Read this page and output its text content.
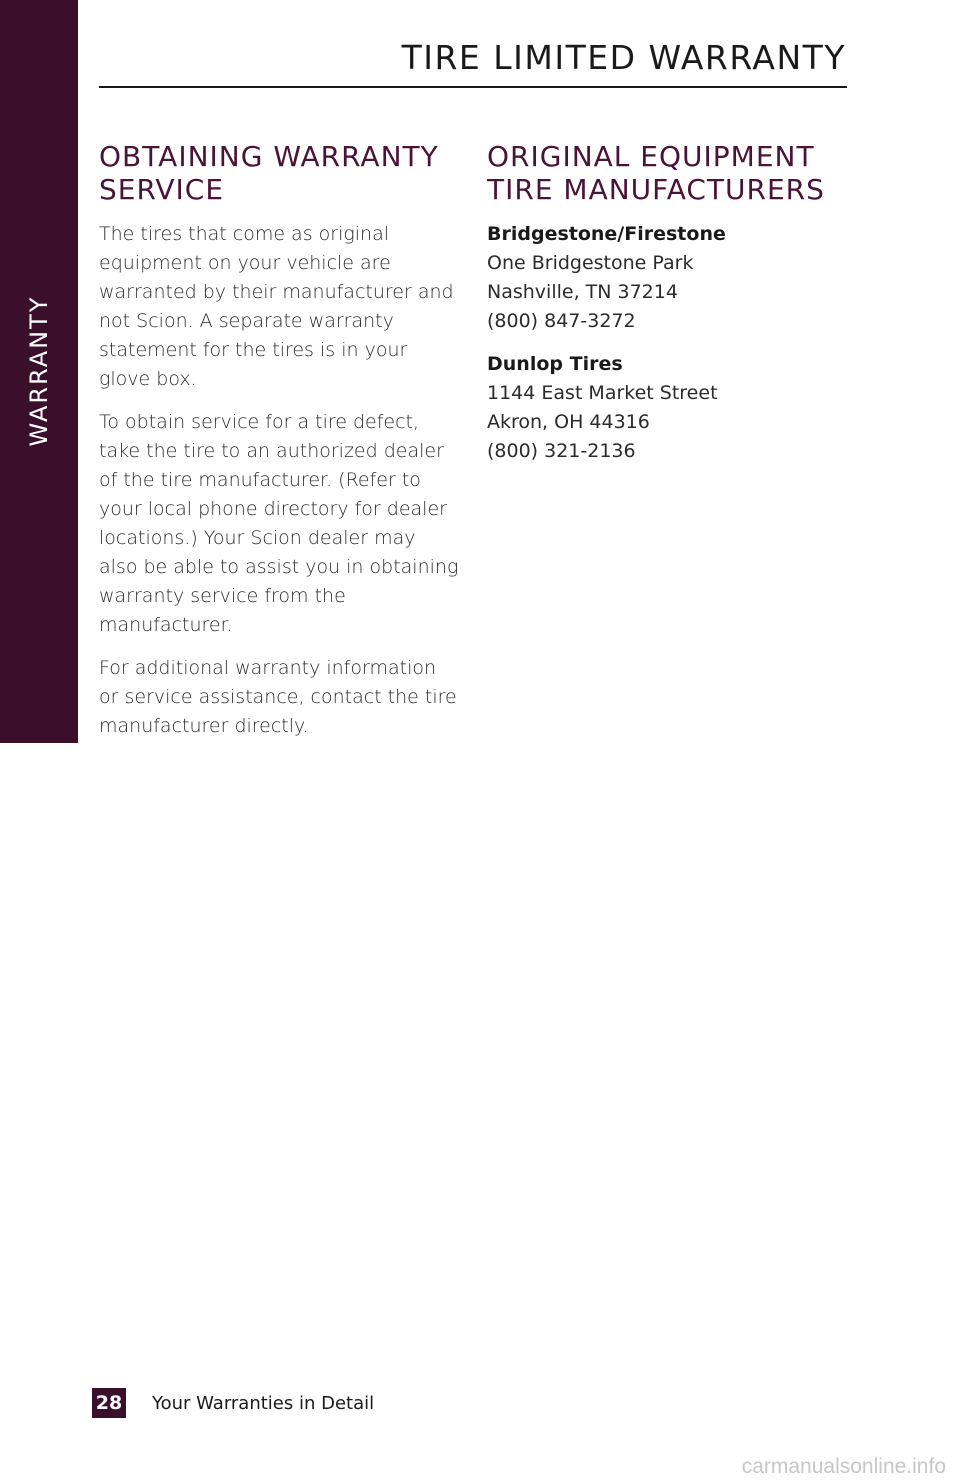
WARRANTY
TIRE LIMITED WARRANTY
OBTAINING WARRANTY
SERVICE

The tires that come as original equipment on your vehicle are warranted by their manufacturer and not Scion. A separate warranty statement for the tires is in your glove box.

To obtain service for a tire defect, take the tire to an authorized dealer of the tire manufacturer. (Refer to your local phone directory for dealer locations.) Your Scion dealer may also be able to assist you in obtaining warranty service from the manufacturer.

For additional warranty information or service assistance, contact the tire manufacturer directly.

ORIGINAL EQUIPMENT
TIRE MANUFACTURERS
Bridgestone/Firestone
One Bridgestone Park
Nashville, TN 37214
(800) 847-3272
Dunlop Tires
1144 East Market Street
Akron, OH 44316
(800) 321-2136
28 Your Warranties in Detail
carmanualsonline.info
